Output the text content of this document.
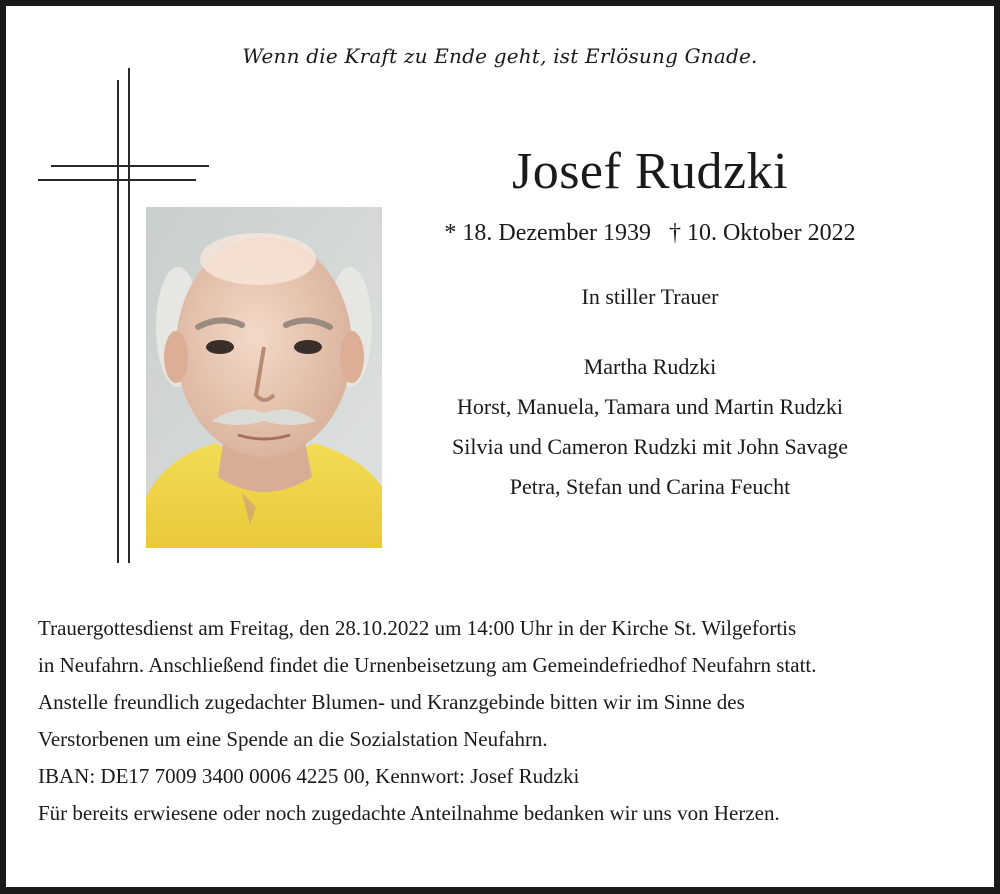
Wenn die Kraft zu Ende geht, ist Erlösung Gnade.
Josef Rudzki
* 18. Dezember 1939 † 10. Oktober 2022
In stiller Trauer
Martha Rudzki
Horst, Manuela, Tamara und Martin Rudzki
Silvia und Cameron Rudzki mit John Savage
Petra, Stefan und Carina Feucht
Trauergottesdienst am Freitag, den 28.10.2022 um 14:00 Uhr in der Kirche St. Wilgefortis
in Neufahrn. Anschließend findet die Urnenbeisetzung am Gemeindefriedhof Neufahrn statt.
Anstelle freundlich zugedachter Blumen- und Kranzgebinde bitten wir im Sinne des
Verstorbenen um eine Spende an die Sozialstation Neufahrn.
IBAN: DE17 7009 3400 0006 4225 00, Kennwort: Josef Rudzki
Für bereits erwiesene oder noch zugedachte Anteilnahme bedanken wir uns von Herzen.
